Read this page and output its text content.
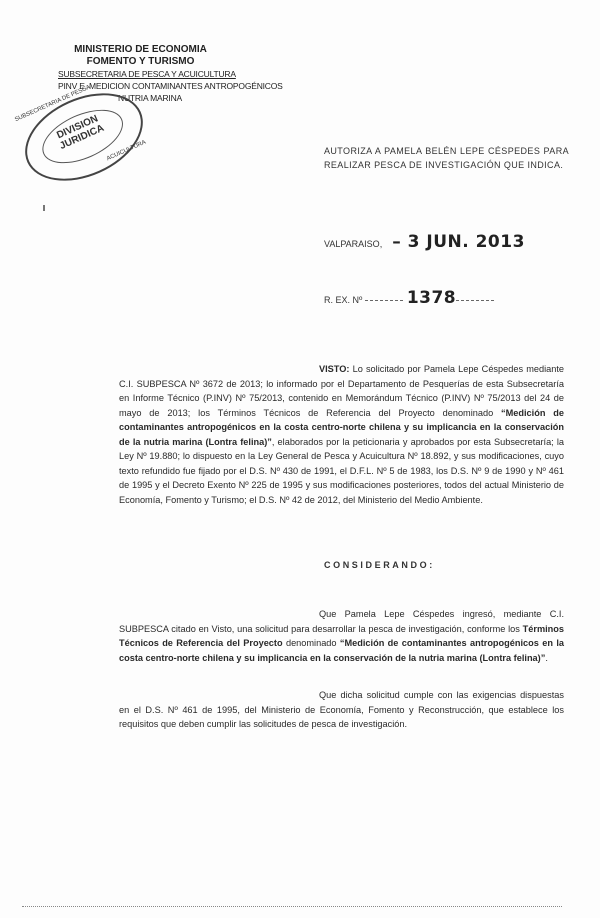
MINISTERIO DE ECONOMIA
FOMENTO Y TURISMO
SUBSECRETARIA DE PESCA Y ACUICULTURA
PINV E. MEDICION CONTAMINANTES ANTROPOGÉNICOS
NUTRIA MARINA
DIVISION JURIDICA
SUBSECRETARIA DE PESCA
ACUICULTURA	AUTORIZA A PAMELA BELÉN LEPE CÉSPEDES PARA REALIZAR PESCA DE INVESTIGACIÓN QUE INDICA.
VALPARAISO, – 3 JUN. 2013
R. EX. Nº	1378
VISTO: Lo solicitado por Pamela Lepe Céspedes mediante C.I. SUBPESCA Nº 3672 de 2013; lo informado por el Departamento de Pesquerías de esta Subsecretaría en Informe Técnico (P.INV) Nº 75/2013, contenido en Memorándum Técnico (P.INV) Nº 75/2013 del 24 de mayo de 2013; los Términos Técnicos de Referencia del Proyecto denominado “Medición de contaminantes antropogénicos en la costa centro-norte chilena y su implicancia en la conservación de la nutria marina (Lontra felina)”, elaborados por la peticionaria y aprobados por esta Subsecretaría; la Ley Nº 19.880; lo dispuesto en la Ley General de Pesca y Acuicultura Nº 18.892, y sus modificaciones, cuyo texto refundido fue fijado por el D.S. Nº 430 de 1991, el D.F.L. Nº 5 de 1983, los D.S. Nº 9 de 1990 y Nº 461 de 1995 y el Decreto Exento Nº 225 de 1995 y sus modificaciones posteriores, todos del actual Ministerio de Economía, Fomento y Turismo; el D.S. Nº 42 de 2012, del Ministerio del Medio Ambiente.
CONSIDERANDO:
Que Pamela Lepe Céspedes ingresó, mediante C.I. SUBPESCA citado en Visto, una solicitud para desarrollar la pesca de investigación, conforme los Términos Técnicos de Referencia del Proyecto denominado “Medición de contaminantes antropogénicos en la costa centro-norte chilena y su implicancia en la conservación de la nutria marina (Lontra felina)”.
Que dicha solicitud cumple con las exigencias dispuestas en el D.S. Nº 461 de 1995, del Ministerio de Economía, Fomento y Reconstrucción, que establece los requisitos que deben cumplir las solicitudes de pesca de investigación.
